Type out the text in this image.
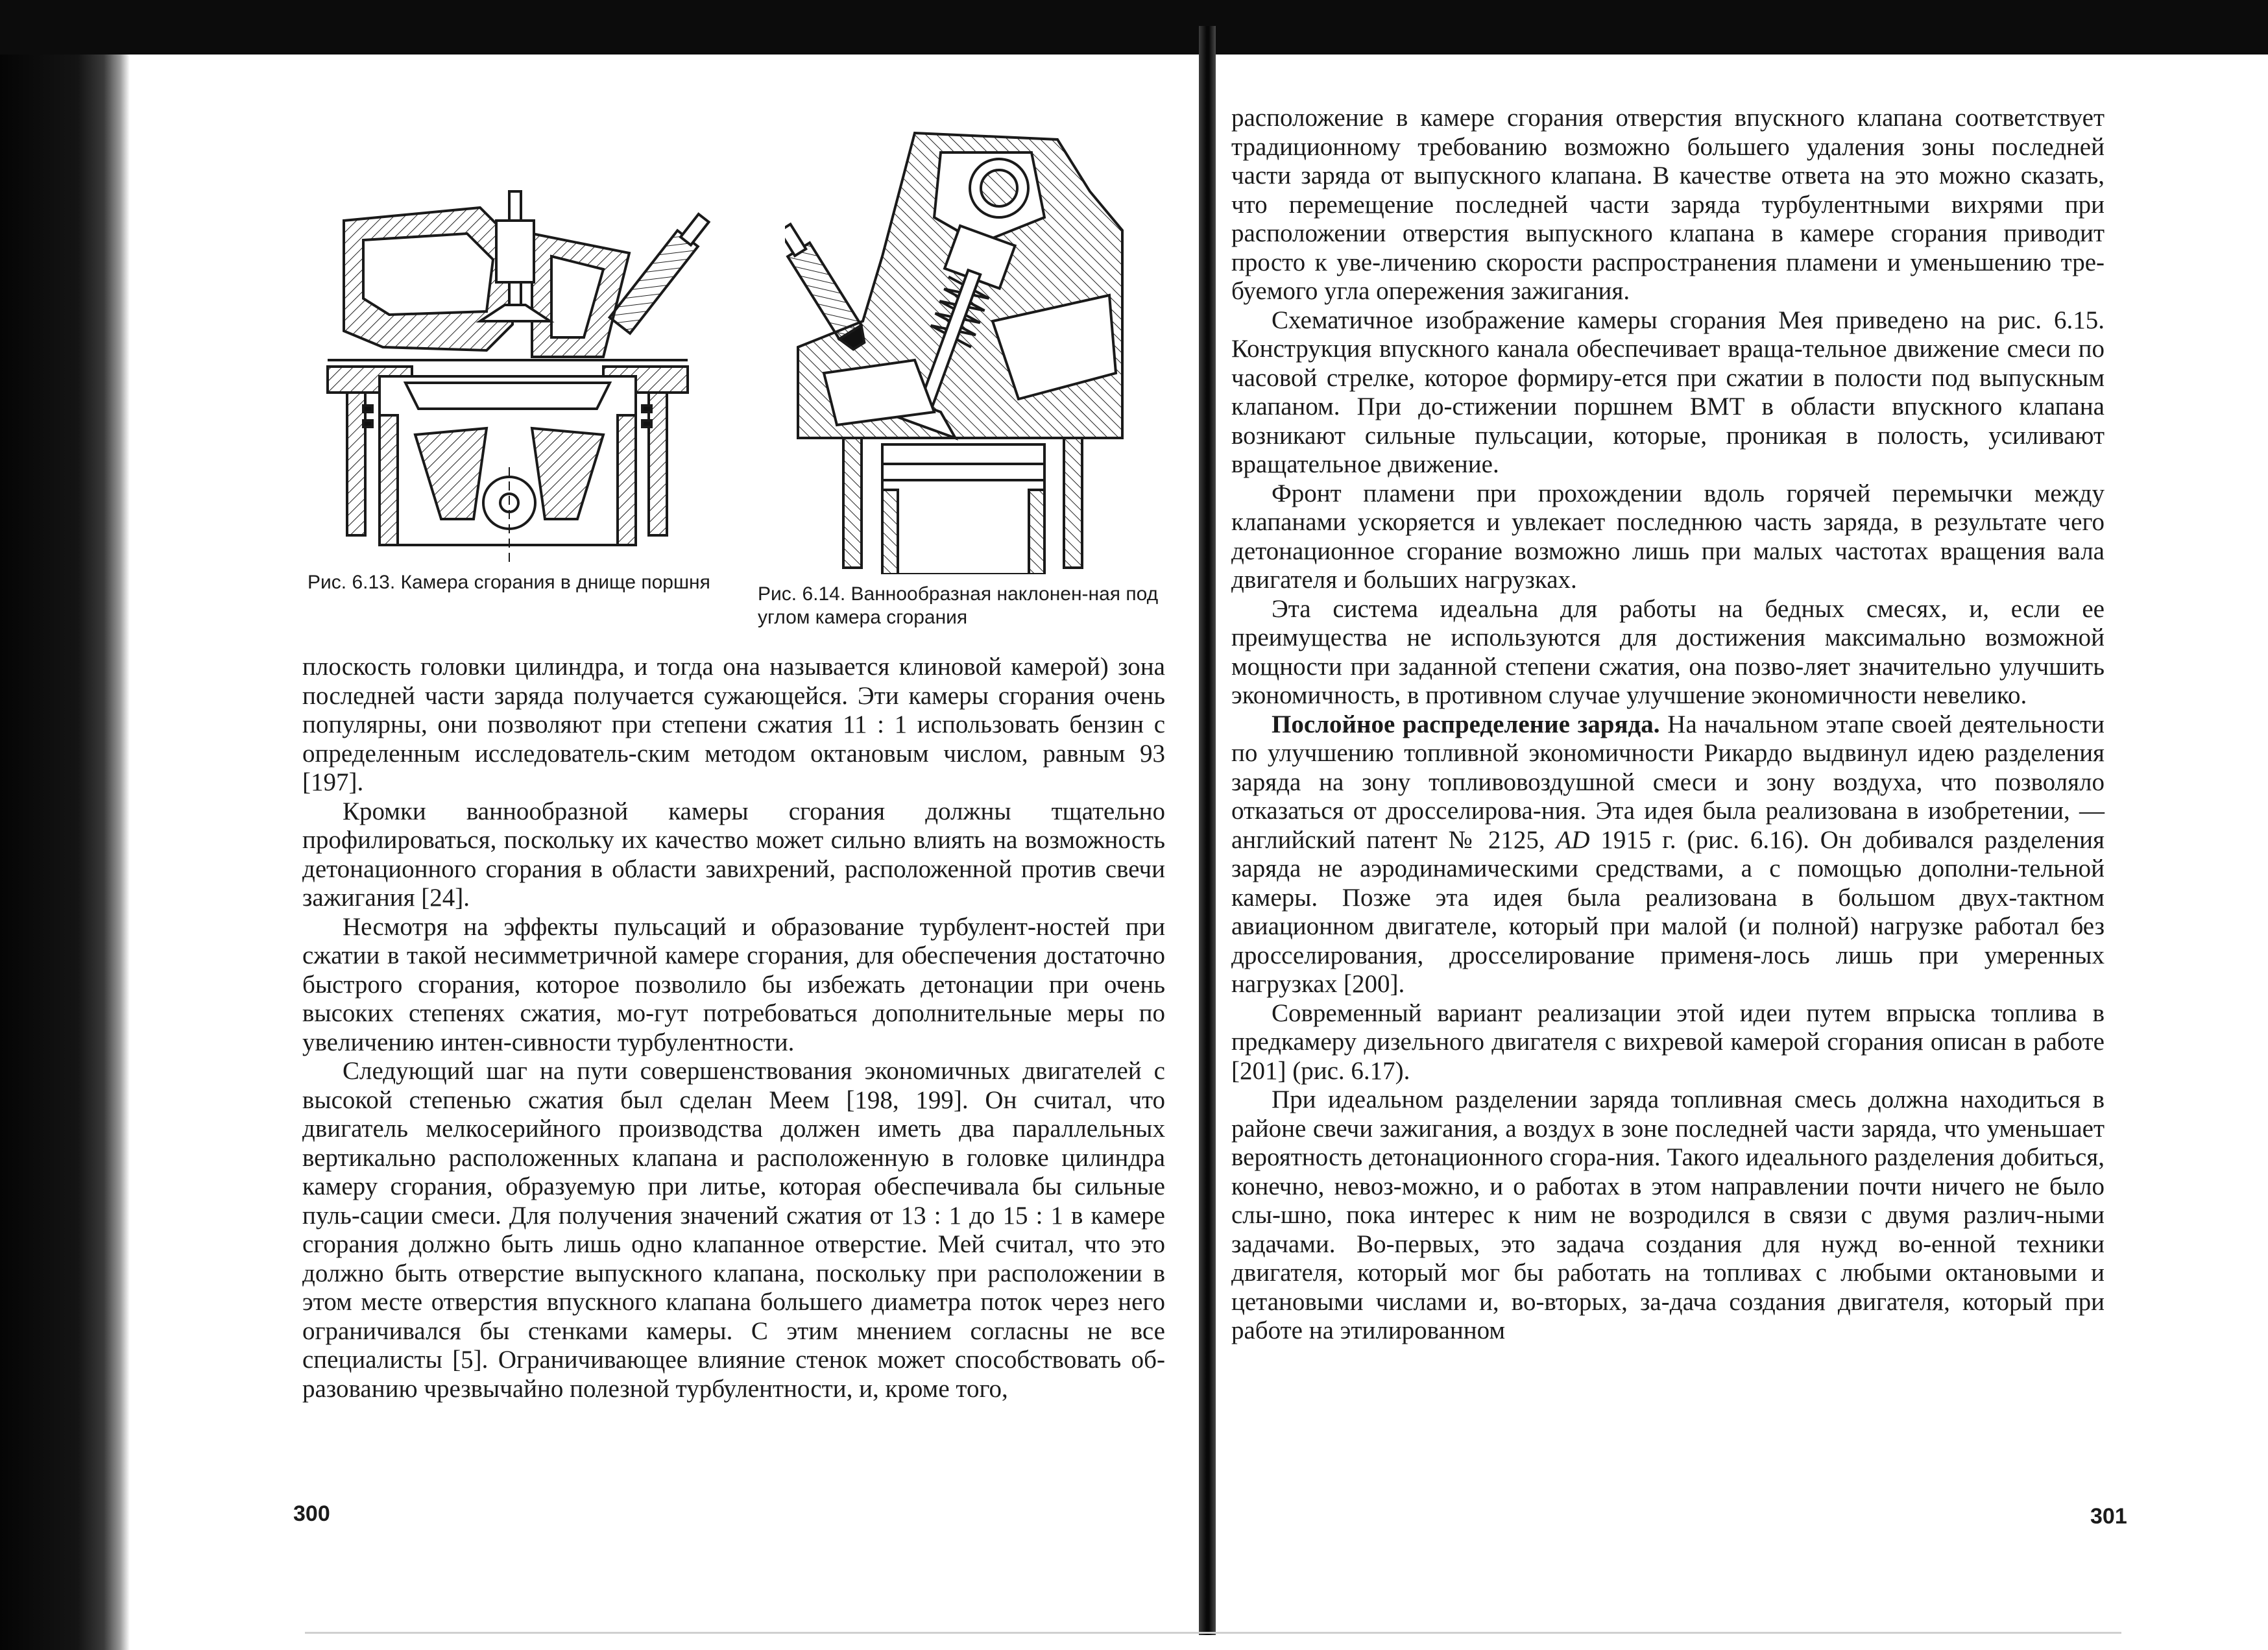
Рис. 6.13. Камера сгорания в днище поршня
Рис. 6.14. Ваннообразная наклонен-ная под углом камера сгорания

плоскость головки цилиндра, и тогда она называется клиновой камерой) зона последней части заряда получается сужающейся. Эти камеры сгорания очень популярны, они позволяют при степени сжатия 11 : 1 использовать бензин с определенным исследователь-ским методом октановым числом, равным 93 [197].

Кромки ваннообразной камеры сгорания должны тщательно профилироваться, поскольку их качество может сильно влиять на возможность детонационного сгорания в области завихрений, расположенной против свечи зажигания [24].

Несмотря на эффекты пульсаций и образование турбулент-ностей при сжатии в такой несимметричной камере сгорания, для обеспечения достаточно быстрого сгорания, которое позволило бы избежать детонации при очень высоких степенях сжатия, мо-гут потребоваться дополнительные меры по увеличению интен-сивности турбулентности.

Следующий шаг на пути совершенствования экономичных двигателей с высокой степенью сжатия был сделан Меем [198, 199]. Он считал, что двигатель мелкосерийного производства должен иметь два параллельных вертикально расположенных клапана и расположенную в головке цилиндра камеру сгорания, образуемую при литье, которая обеспечивала бы сильные пуль-сации смеси. Для получения значений сжатия от 13 : 1 до 15 : 1 в камере сгорания должно быть лишь одно клапанное отверстие. Мей считал, что это должно быть отверстие выпускного клапана, поскольку при расположении в этом месте отверстия впускного клапана большего диаметра поток через него ограничивался бы стенками камеры. С этим мнением согласны не все специалисты [5]. Ограничивающее влияние стенок может способствовать об-разованию чрезвычайно полезной турбулентности, и, кроме того,

расположение в камере сгорания отверстия впускного клапана соответствует традиционному требованию возможно большего удаления зоны последней части заряда от выпускного клапана. В качестве ответа на это можно сказать, что перемещение последней части заряда турбулентными вихрями при расположении отверстия выпускного клапана в камере сгорания приводит просто к уве-личению скорости распространения пламени и уменьшению тре-буемого угла опережения зажигания.

Схематичное изображение камеры сгорания Мея приведено на рис. 6.15. Конструкция впускного канала обеспечивает враща-тельное движение смеси по часовой стрелке, которое формиру-ется при сжатии в полости под выпускным клапаном. При до-стижении поршнем ВМТ в области впускного клапана возникают сильные пульсации, которые, проникая в полость, усиливают вращательное движение.

Фронт пламени при прохождении вдоль горячей перемычки между клапанами ускоряется и увлекает последнюю часть заряда, в результате чего детонационное сгорание возможно лишь при малых частотах вращения вала двигателя и больших нагрузках.

Эта система идеальна для работы на бедных смесях, и, если ее преимущества не используются для достижения максимально возможной мощности при заданной степени сжатия, она позво-ляет значительно улучшить экономичность, в противном случае улучшение экономичности невелико.

Послойное распределение заряда. На начальном этапе своей деятельности по улучшению топливной экономичности Рикардо выдвинул идею разделения заряда на зону топливовоздушной смеси и зону воздуха, что позволяло отказаться от дросселирова-ния. Эта идея была реализована в изобретении, — английский патент № 2125, AD 1915 г. (рис. 6.16). Он добивался разделения заряда не аэродинамическими средствами, а с помощью дополни-тельной камеры. Позже эта идея была реализована в большом двух-тактном авиационном двигателе, который при малой (и полной) нагрузке работал без дросселирования, дросселирование применя-лось лишь при умеренных нагрузках [200].

Современный вариант реализации этой идеи путем впрыска топлива в предкамеру дизельного двигателя с вихревой камерой сгорания описан в работе [201] (рис. 6.17).

При идеальном разделении заряда топливная смесь должна находиться в районе свечи зажигания, а воздух в зоне последней части заряда, что уменьшает вероятность детонационного сгора-ния. Такого идеального разделения добиться, конечно, невоз-можно, и о работах в этом направлении почти ничего не было слы-шно, пока интерес к ним не возродился в связи с двумя различ-ными задачами. Во-первых, это задача создания для нужд во-енной техники двигателя, который мог бы работать на топливах с любыми октановыми и цетановыми числами и, во-вторых, за-дача создания двигателя, который при работе на этилированном

300	301
